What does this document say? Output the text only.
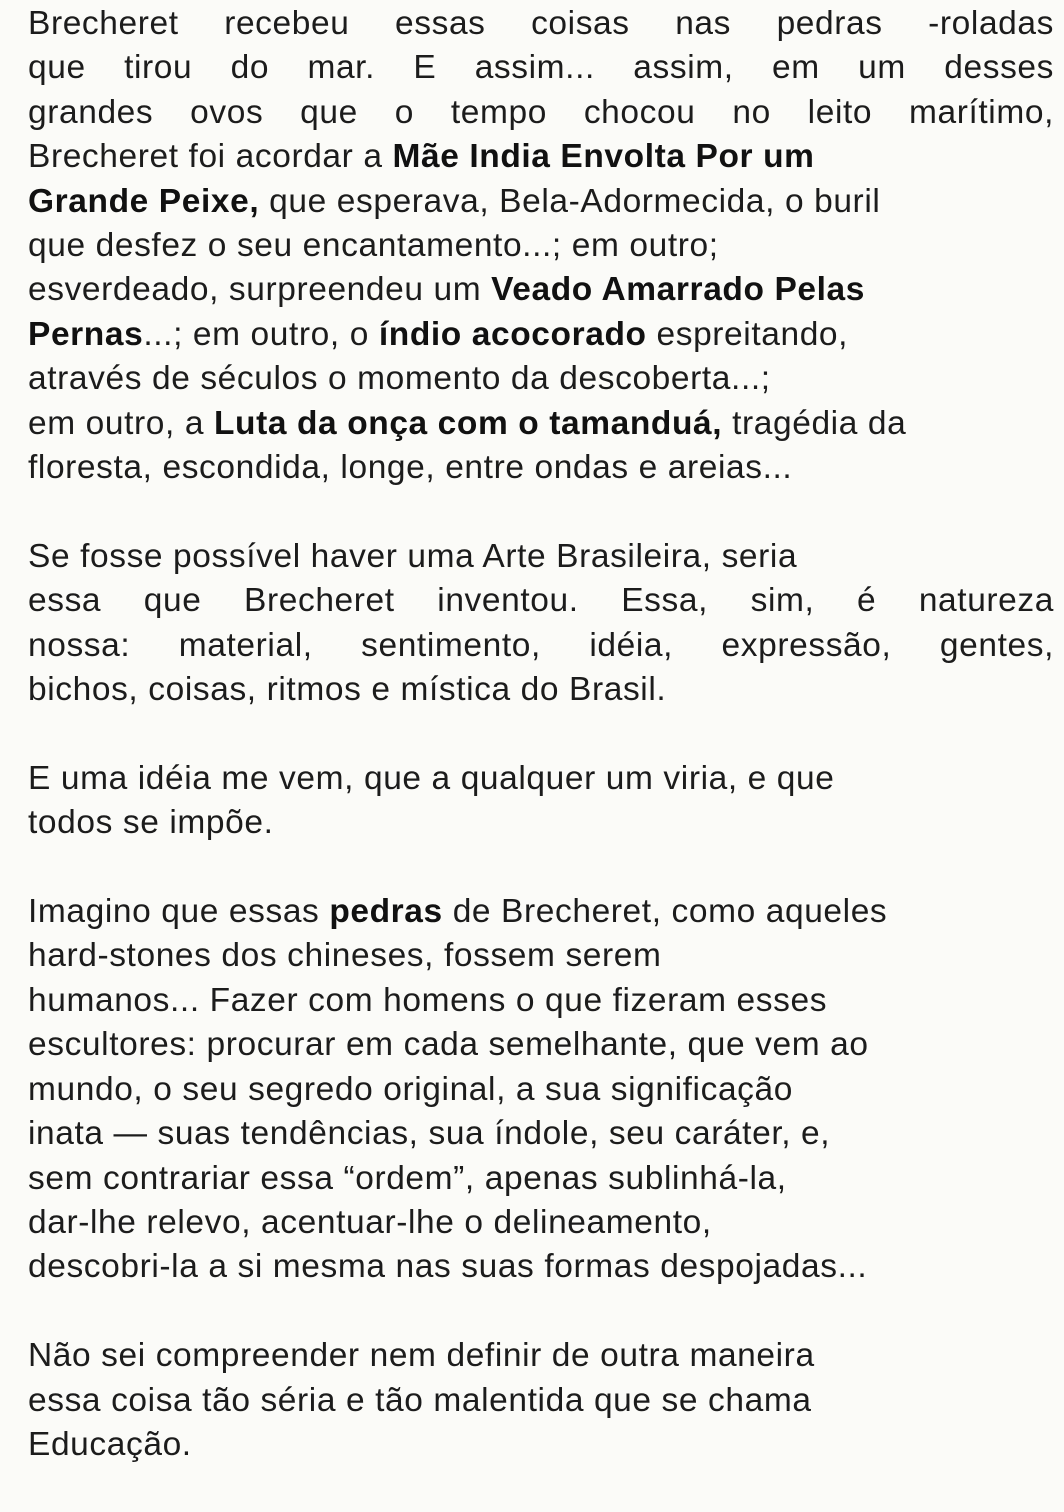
Brecheret recebeu essas coisas nas pedras -roladas
que tirou do mar. E assim... assim, em um desses
grandes ovos que o tempo chocou no leito marítimo,
Brecheret foi acordar a Mãe India Envolta Por um
Grande Peixe, que esperava, Bela-Adormecida, o buril
que desfez o seu encantamento...; em outro;
esverdeado, surpreendeu um Veado Amarrado Pelas
Pernas...; em outro, o índio acocorado espreitando,
através de séculos o momento da descoberta...;
em outro, a Luta da onça com o tamanduá, tragédia da
floresta, escondida, longe, entre ondas e areias...
Se fosse possível haver uma Arte Brasileira, seria
essa que Brecheret inventou. Essa, sim, é natureza
nossa: material, sentimento, idéia, expressão, gentes,
bichos, coisas, ritmos e mística do Brasil.
E uma idéia me vem, que a qualquer um viria, e que
todos se impõe.
Imagino que essas pedras de Brecheret, como aqueles
hard-stones dos chineses, fossem serem
humanos... Fazer com homens o que fizeram esses
escultores: procurar em cada semelhante, que vem ao
mundo, o seu segredo original, a sua significação
inata — suas tendências, sua índole, seu caráter, e,
sem contrariar essa “ordem”, apenas sublinhá-la,
dar-lhe relevo, acentuar-lhe o delineamento,
descobri-la a si mesma nas suas formas despojadas...
Não sei compreender nem definir de outra maneira
essa coisa tão séria e tão malentida que se chama
Educação.
